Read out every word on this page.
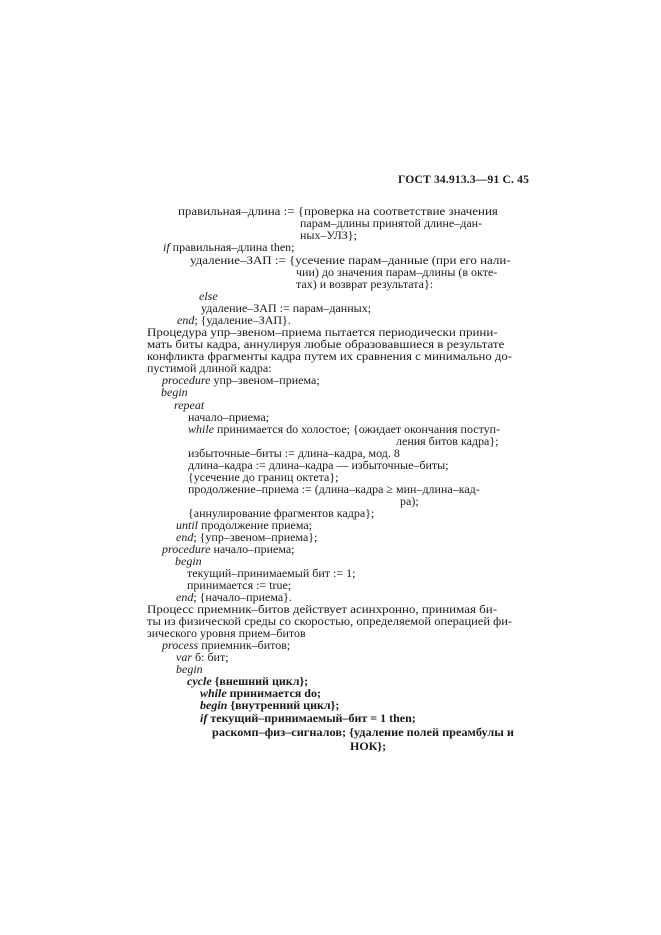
ГОСТ 34.913.3—91 С. 45
правильная–длина := {проверка на соответствие значения
парам–длины принятой длине–дан-
ных–УЛЗ};
if правильная–длина then;
удаление–ЗАП := {усечение парам–данные (при его нали-
чии) до значения парам–длины (в окте-
тах) и возврат результата}:
else
удаление–ЗАП := парам–данных;
end; {удаление–ЗАП}.
Процедура упр–звеном–приема пытается периодически прини-
мать биты кадра, аннулируя любые образовавшиеся в результате
конфликта фрагменты кадра путем их сравнения с минимально до-
пустимой длиной кадра:
procedure упр–звеном–приема;
begin
repeat
начало–приема;
while принимается do холостое; {ожидает окончания поступ-
ления битов кадра};
избыточные–биты := длина–кадра, мод. 8
длина–кадра := длина–кадра — избыточные–биты;
{усечение до границ октета};
продолжение–приема := (длина–кадра ≥ мин–длина–кад-
ра);
{аннулирование фрагментов кадра};
until продолжение приема;
end; {упр–звеном–приема};
procedure начало–приема;
begin
текущий–принимаемый бит := 1;
принимается := true;
end; {начало–приема}.
Процесс приемник–битов действует асинхронно, принимая би-
ты из физической среды со скоростью, определяемой операцией фи-
зического уровня прием–битов
process приемник–битов;
var б: бит;
begin
cycle {внешний цикл};
while принимается do;
begin {внутренний цикл};
if текущий–принимаемый–бит = 1 then;
раскомп–физ–сигналов; {удаление полей преамбулы и
НОК};
